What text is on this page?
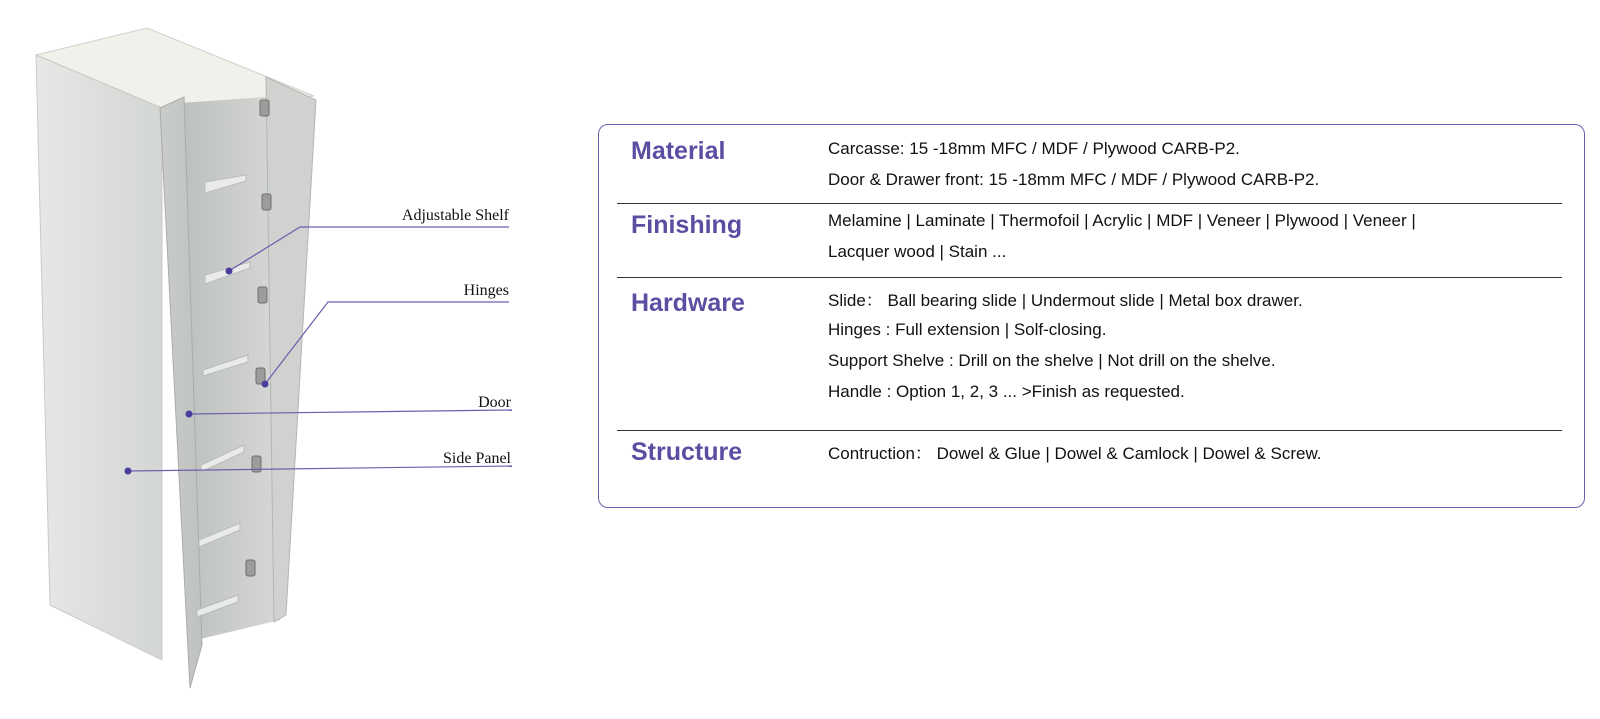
Adjustable Shelf
Hinges
Door
Side Panel
Material	Carcasse: 15 -18mm MFC / MDF / Plywood CARB-P2.
Door & Drawer front: 15 -18mm MFC / MDF / Plywood CARB-P2.
Finishing	Melamine | Laminate | Thermofoil | Acrylic | MDF | Veneer | Plywood | Veneer |
Lacquer wood | Stain ...
Hardware	Slide： Ball bearing slide | Undermout slide | Metal box drawer.
Hinges : Full extension | Solf-closing.
Support Shelve : Drill on the shelve | Not drill on the shelve.
Handle : Option 1, 2, 3 ... >Finish as requested.
Structure	Contruction： Dowel & Glue | Dowel & Camlock | Dowel & Screw.
